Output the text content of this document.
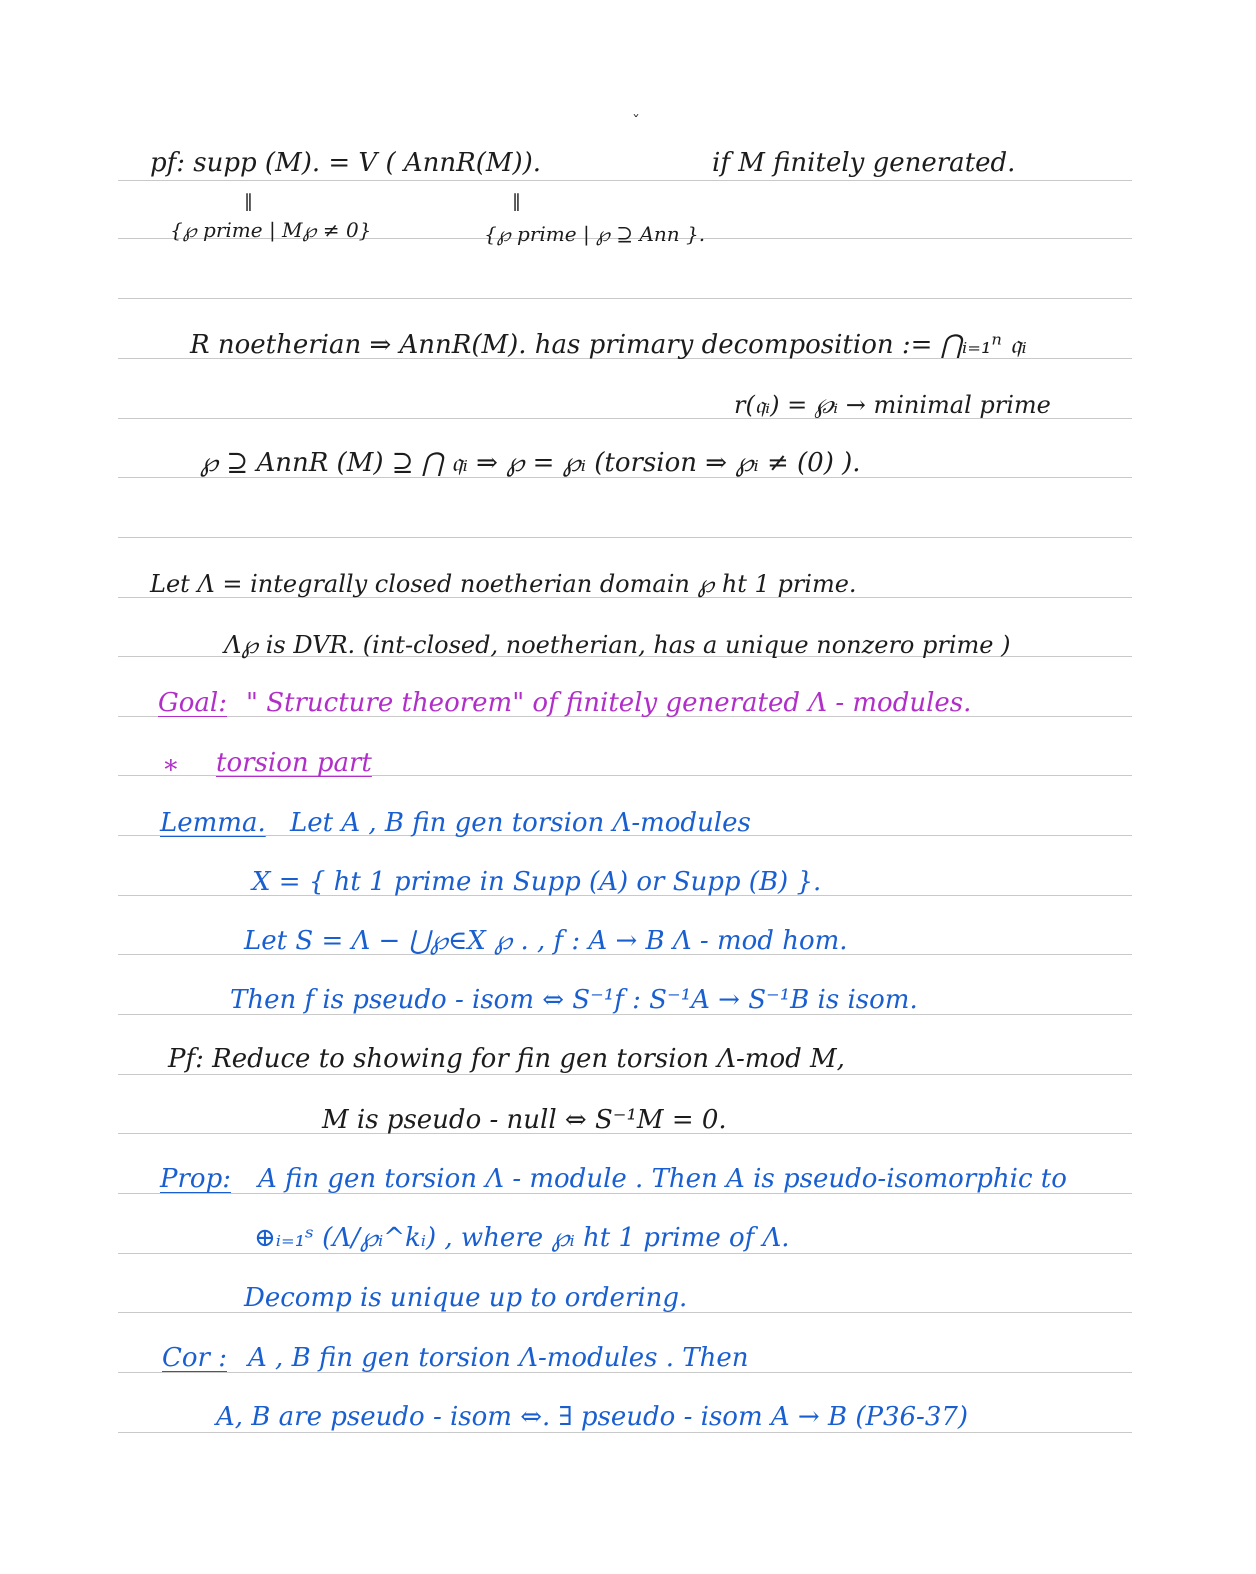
ˇ
pf: supp (M). = V ( AnnR(M)).	if M finitely generated.
‖	‖
{℘ prime | M℘ ≠ 0}	{℘ prime | ℘ ⊇ Ann }.
R noetherian ⇒ AnnR(M). has primary decomposition := ⋂ᵢ₌₁ⁿ 𝔮ᵢ
r(𝔮ᵢ) = ℘ᵢ → minimal prime
℘ ⊇ AnnR (M) ⊇ ⋂ 𝔮ᵢ ⇒ ℘ = ℘ᵢ (torsion ⇒ ℘ᵢ ≠ (0) ).
Let Λ = integrally closed noetherian domain ℘ ht 1 prime.
Λ℘ is DVR. (int-closed, noetherian, has a unique nonzero prime )
Goal: " Structure theorem" of finitely generated Λ - modules.
∗ torsion part
Lemma. Let A , B fin gen torsion Λ-modules
X = { ht 1 prime in Supp (A) or Supp (B) }.
Let S = Λ − ⋃℘∈X ℘ . , f : A → B Λ - mod hom.
Then f is pseudo - isom ⇔ S⁻¹f : S⁻¹A → S⁻¹B is isom.
Pf: Reduce to showing for fin gen torsion Λ-mod M,
M is pseudo - null ⇔ S⁻¹M = 0.
Prop: A fin gen torsion Λ - module . Then A is pseudo-isomorphic to
⊕ᵢ₌₁ˢ (Λ/℘ᵢ^kᵢ) , where ℘ᵢ ht 1 prime of Λ.
Decomp is unique up to ordering.
Cor : A , B fin gen torsion Λ-modules . Then
A, B are pseudo - isom ⇔. ∃ pseudo - isom A → B (P36-37)
